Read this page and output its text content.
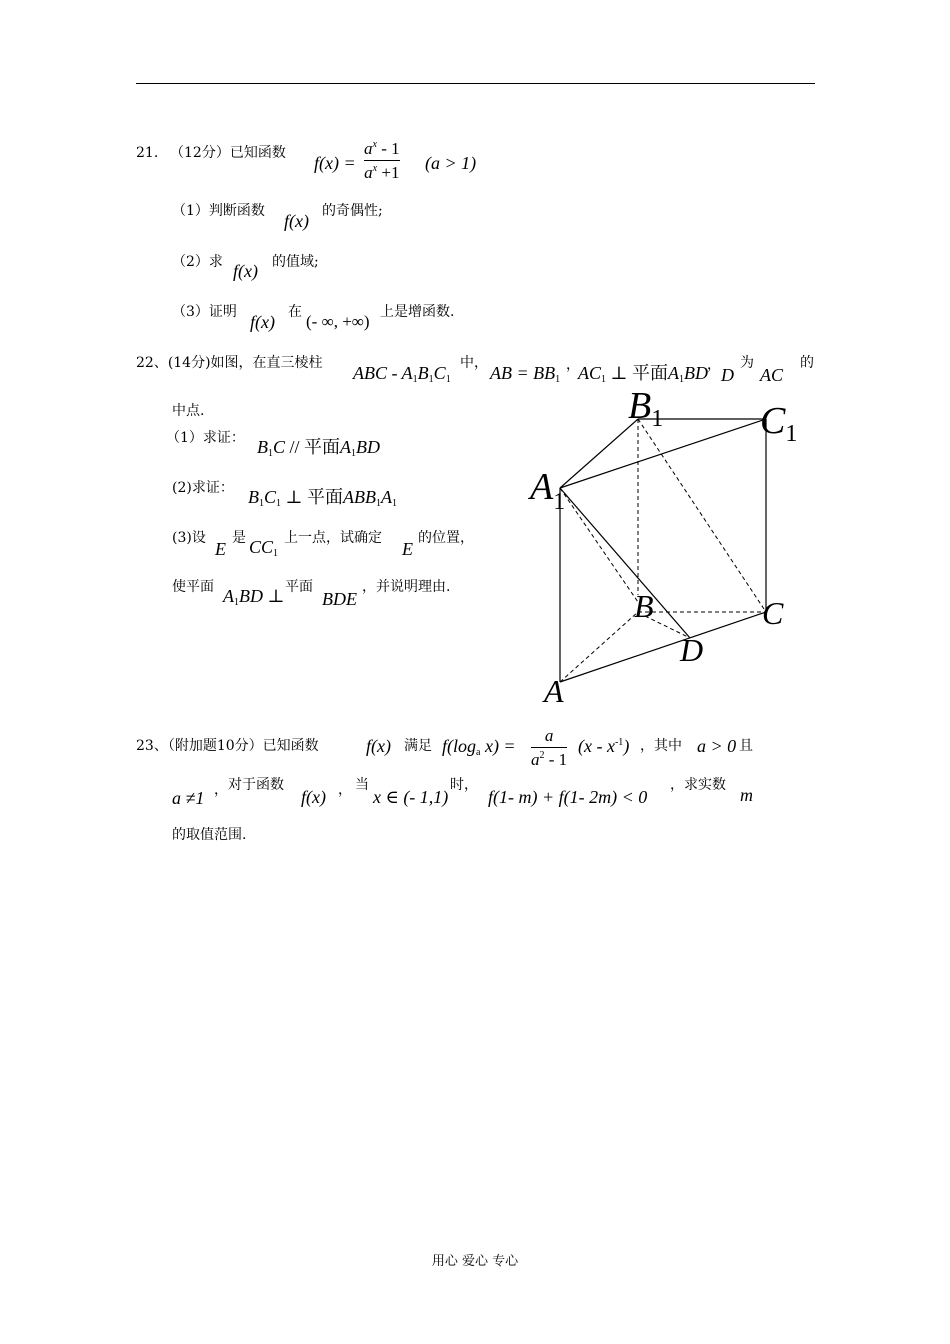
21. （12分）已知函数 f(x) =
$a^x - 1$
$a^x +1$ (a > 1)
（1）判断函数 f(x) 的奇偶性;
（2）求 f(x) 的值域;
（3）证明 f(x) 在 (- ∞, +∞) 上是增函数.
22、(14分)如图，在直三棱柱 ABC - $A_1B_1C_1$
中， AB = $BB_1$
，
$AC_1$ ⊥ 平面$A_1BD$ ， D
为
AC
的
中点.
（1）求证： $B_1C$ // 平面$A_1BD$
(2)求证： $B_1C_1$ ⊥ 平面$ABB_1A_1$
(3)设
E
是 $CC_1$
上一点，试确定
E
的位置，
使平面 $A_1BD$ ⊥ 平面
BDE
，并说明理由.
$B_1$	$C_1$
$A_1$
B	C
D
A
23、（附加题10分）已知函数	f(x) 满足 $f(\log_a$ x) =
a
$a^2 - 1$
$(x - x^{-1})$ ，其中 a > 0 且
a ≠1 ， 对于函数
f(x) ， 当
x ∈ (- 1,1)
时，
f(1- m) + f(1- 2m) < 0
，求实数 m
的取值范围.
用心 爱心 专心
